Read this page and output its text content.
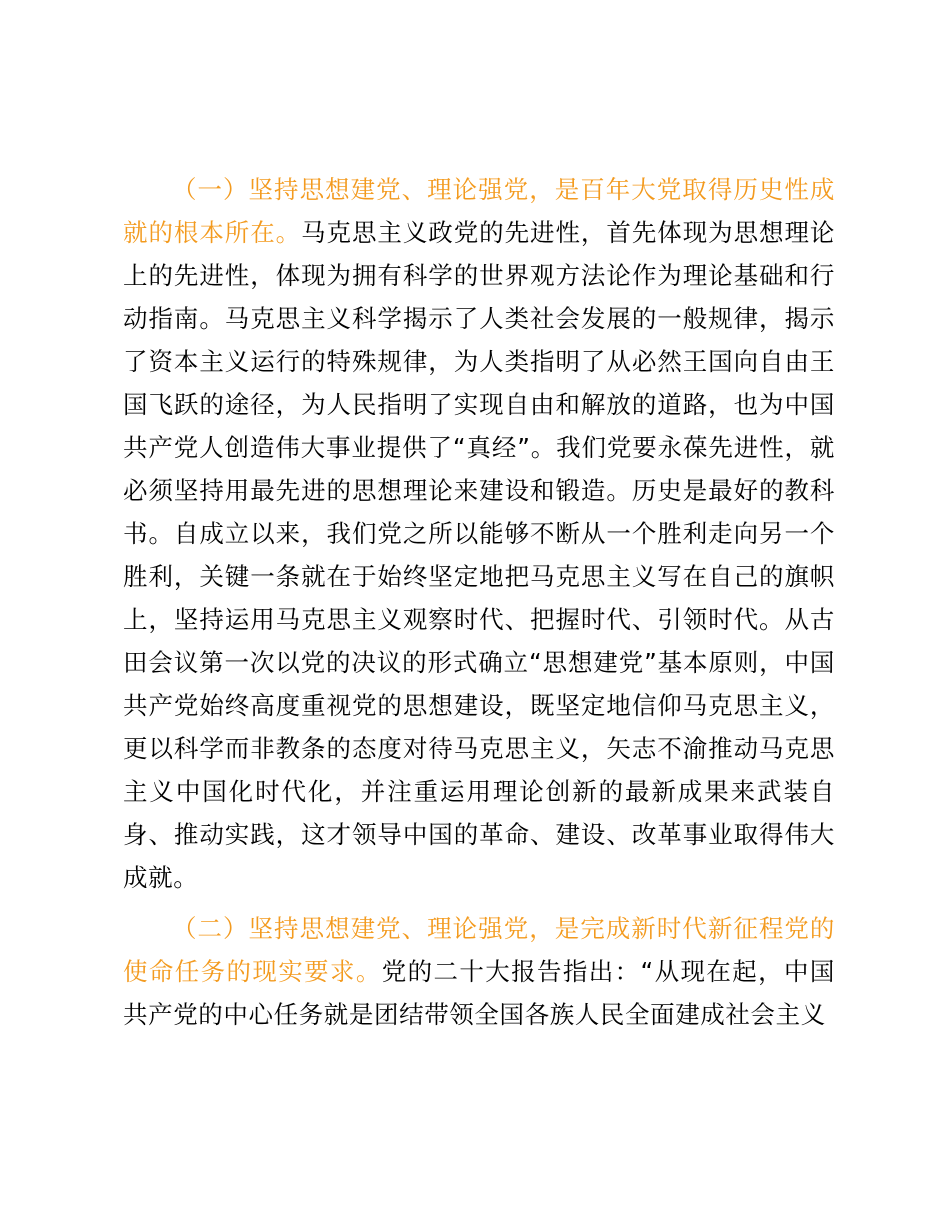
（一）坚持思想建党、理论强党，是百年大党取得历史性成就的根本所在。马克思主义政党的先进性，首先体现为思想理论上的先进性，体现为拥有科学的世界观方法论作为理论基础和行动指南。马克思主义科学揭示了人类社会发展的一般规律，揭示了资本主义运行的特殊规律，为人类指明了从必然王国向自由王国飞跃的途径，为人民指明了实现自由和解放的道路，也为中国共产党人创造伟大事业提供了“真经”。我们党要永葆先进性，就必须坚持用最先进的思想理论来建设和锻造。历史是最好的教科书。自成立以来，我们党之所以能够不断从一个胜利走向另一个胜利，关键一条就在于始终坚定地把马克思主义写在自己的旗帜上，坚持运用马克思主义观察时代、把握时代、引领时代。从古田会议第一次以党的决议的形式确立“思想建党”基本原则，中国共产党始终高度重视党的思想建设，既坚定地信仰马克思主义，更以科学而非教条的态度对待马克思主义，矢志不渝推动马克思主义中国化时代化，并注重运用理论创新的最新成果来武装自身、推动实践，这才领导中国的革命、建设、改革事业取得伟大成就。

（二）坚持思想建党、理论强党，是完成新时代新征程党的使命任务的现实要求。党的二十大报告指出：“从现在起，中国共产党的中心任务就是团结带领全国各族人民全面建成社会主义
